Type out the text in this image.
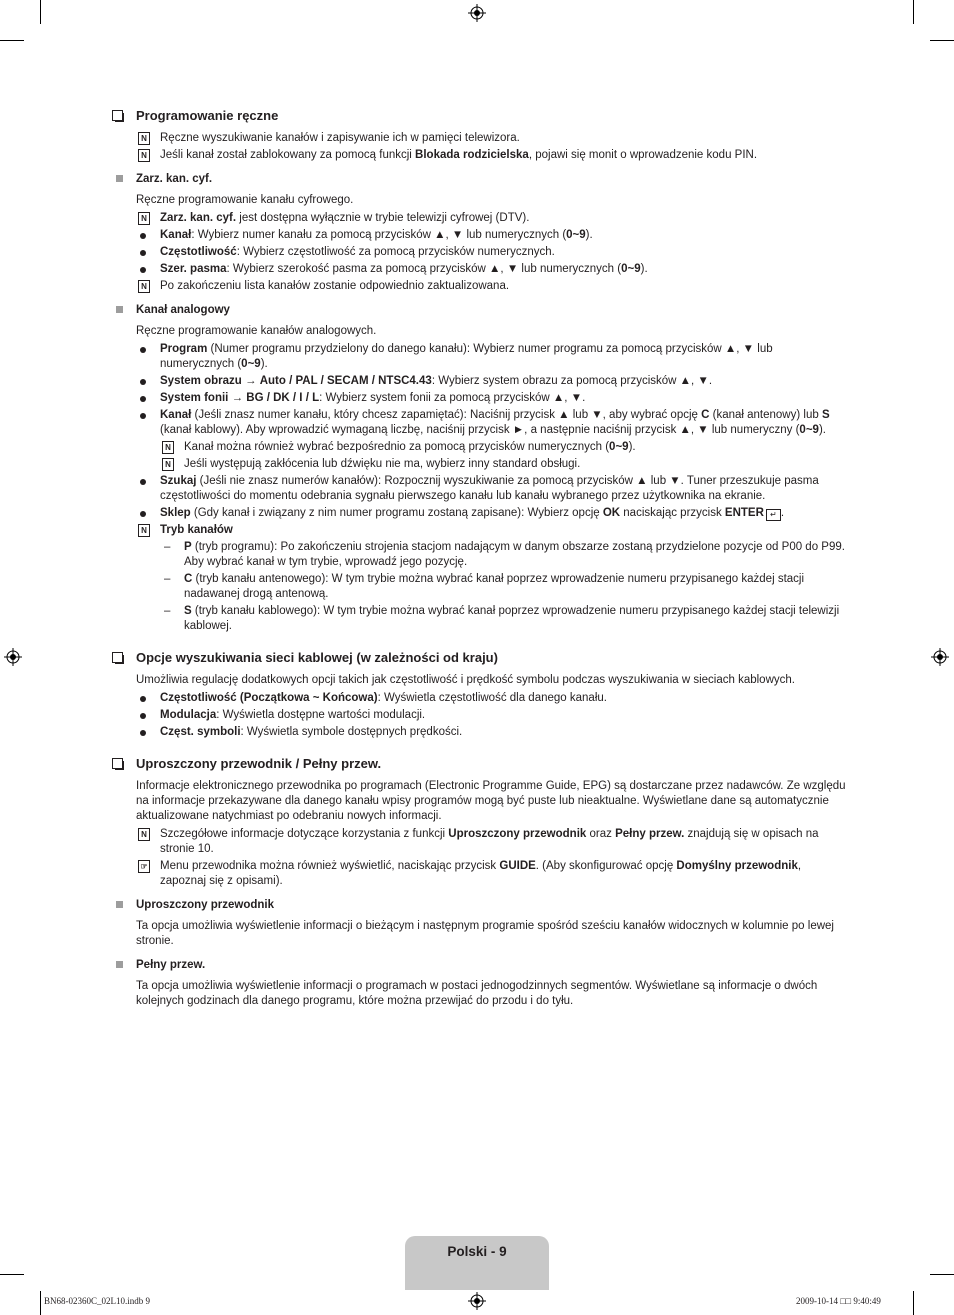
Programowanie ręczne
N Ręczne wyszukiwanie kanałów i zapisywanie ich w pamięci telewizora.
N Jeśli kanał został zablokowany za pomocą funkcji Blokada rodzicielska, pojawi się monit o wprowadzenie kodu PIN.
Zarz. kan. cyf.
Ręczne programowanie kanału cyfrowego.
N Zarz. kan. cyf. jest dostępna wyłącznie w trybie telewizji cyfrowej (DTV).
Kanał: Wybierz numer kanału za pomocą przycisków ▲, ▼ lub numerycznych (0~9).
Częstotliwość: Wybierz częstotliwość za pomocą przycisków numerycznych.
Szer. pasma: Wybierz szerokość pasma za pomocą przycisków ▲, ▼ lub numerycznych (0~9).
N Po zakończeniu lista kanałów zostanie odpowiednio zaktualizowana.
Kanał analogowy
Ręczne programowanie kanałów analogowych.
Program (Numer programu przydzielony do danego kanału): Wybierz numer programu za pomocą przycisków ▲, ▼ lub numerycznych (0~9).
System obrazu → Auto / PAL / SECAM / NTSC4.43: Wybierz system obrazu za pomocą przycisków ▲, ▼.
System fonii → BG / DK / I / L: Wybierz system fonii za pomocą przycisków ▲, ▼.
Kanał (Jeśli znasz numer kanału, który chcesz zapamiętać): Naciśnij przycisk ▲ lub ▼, aby wybrać opcję C (kanał antenowy) lub S (kanał kablowy). Aby wprowadzić wymaganą liczbę, naciśnij przycisk ►, a następnie naciśnij przycisk ▲, ▼ lub numeryczny (0~9).
N Kanał można również wybrać bezpośrednio za pomocą przycisków numerycznych (0~9).
N Jeśli występują zakłócenia lub dźwięku nie ma, wybierz inny standard obsługi.
Szukaj (Jeśli nie znasz numerów kanałów): Rozpocznij wyszukiwanie za pomocą przycisków ▲ lub ▼. Tuner przeszukuje pasma częstotliwości do momentu odebrania sygnału pierwszego kanału lub kanału wybranego przez użytkownika na ekranie.
Sklep (Gdy kanał i związany z nim numer programu zostaną zapisane): Wybierz opcję OK naciskając przycisk ENTER ↵ .
N Tryb kanałów
– P (tryb programu): Po zakończeniu strojenia stacjom nadającym w danym obszarze zostaną przydzielone pozycje od P00 do P99. Aby wybrać kanał w tym trybie, wprowadź jego pozycję.
– C (tryb kanału antenowego): W tym trybie można wybrać kanał poprzez wprowadzenie numeru przypisanego każdej stacji nadawanej drogą antenową.
– S (tryb kanału kablowego): W tym trybie można wybrać kanał poprzez wprowadzenie numeru przypisanego każdej stacji telewizji kablowej.
Opcje wyszukiwania sieci kablowej (w zależności od kraju)
Umożliwia regulację dodatkowych opcji takich jak częstotliwość i prędkość symbolu podczas wyszukiwania w sieciach kablowych.
Częstotliwość (Początkowa ~ Końcowa): Wyświetla częstotliwość dla danego kanału.
Modulacja: Wyświetla dostępne wartości modulacji.
Częst. symboli: Wyświetla symbole dostępnych prędkości.
Uproszczony przewodnik / Pełny przew.
Informacje elektronicznego przewodnika po programach (Electronic Programme Guide, EPG) są dostarczane przez nadawców. Ze względu na informacje przekazywane dla danego kanału wpisy programów mogą być puste lub nieaktualne. Wyświetlane dane są automatycznie aktualizowane natychmiast po odebraniu nowych informacji.
N Szczegółowe informacje dotyczące korzystania z funkcji Uproszczony przewodnik oraz Pełny przew. znajdują się w opisach na stronie 10.
☞ Menu przewodnika można również wyświetlić, naciskając przycisk GUIDE. (Aby skonfigurować opcję Domyślny przewodnik, zapoznaj się z opisami).
Uproszczony przewodnik
Ta opcja umożliwia wyświetlenie informacji o bieżącym i następnym programie spośród sześciu kanałów widocznych w kolumnie po lewej stronie.
Pełny przew.
Ta opcja umożliwia wyświetlenie informacji o programach w postaci jednogodzinnych segmentów. Wyświetlane są informacje o dwóch kolejnych godzinach dla danego programu, które można przewijać do przodu i do tyłu.
Polski - 9
BN68-02360C_02L10.indb 9	2009-10-14 □□ 9:40:49
